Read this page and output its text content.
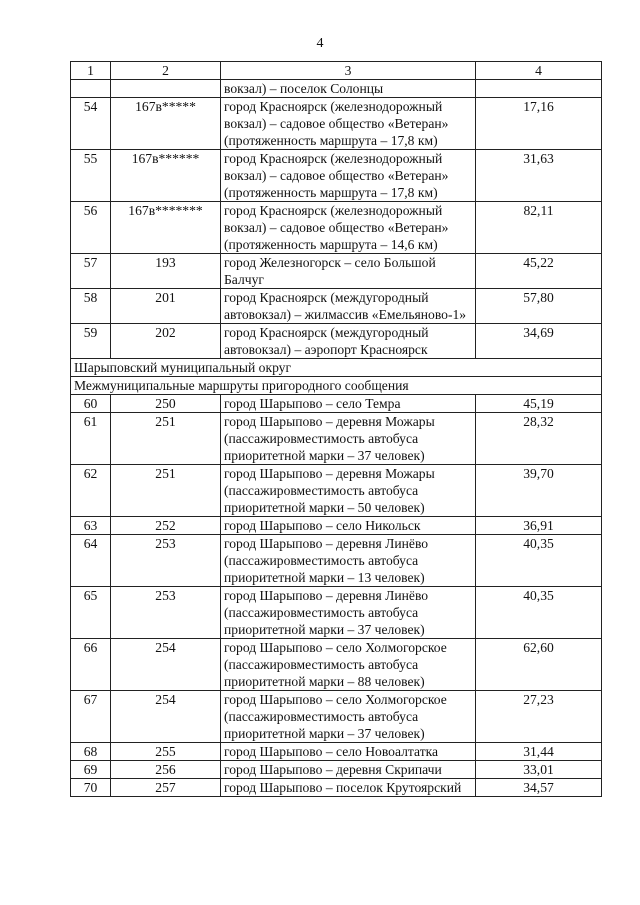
4
1	2	3	4
		вокзал) – поселок Солонцы	
54	167в*****	город Красноярск (железнодорожный вокзал) – садовое общество «Ветеран» (протяженность маршрута – 17,8 км)	17,16
55	167в******	город Красноярск (железнодорожный вокзал) – садовое общество «Ветеран» (протяженность маршрута – 17,8 км)	31,63
56	167в*******	город Красноярск (железнодорожный вокзал) – садовое общество «Ветеран» (протяженность маршрута – 14,6 км)	82,11
57	193	город Железногорск – село Большой Балчуг	45,22
58	201	город Красноярск (междугородный автовокзал) – жилмассив «Емельяново-1»	57,80
59	202	город Красноярск (междугородный автовокзал) – аэропорт Красноярск	34,69
Шарыповский муниципальный округ			
Межмуниципальные маршруты пригородного сообщения			
60	250	город Шарыпово – село Темра	45,19
61	251	город Шарыпово – деревня Можары (пассажировместимость автобуса приоритетной марки – 37 человек)	28,32
62	251	город Шарыпово – деревня Можары (пассажировместимость автобуса приоритетной марки – 50 человек)	39,70
63	252	город Шарыпово – село Никольск	36,91
64	253	город Шарыпово – деревня Линёво (пассажировместимость автобуса приоритетной марки – 13 человек)	40,35
65	253	город Шарыпово – деревня Линёво (пассажировместимость автобуса приоритетной марки – 37 человек)	40,35
66	254	город Шарыпово – село Холмогорское (пассажировместимость автобуса приоритетной марки – 88 человек)	62,60
67	254	город Шарыпово – село Холмогорское (пассажировместимость автобуса приоритетной марки – 37 человек)	27,23
68	255	город Шарыпово – село Новоалтатка	31,44
69	256	город Шарыпово – деревня Скрипачи	33,01
70	257	город Шарыпово – поселок Крутоярский	34,57
